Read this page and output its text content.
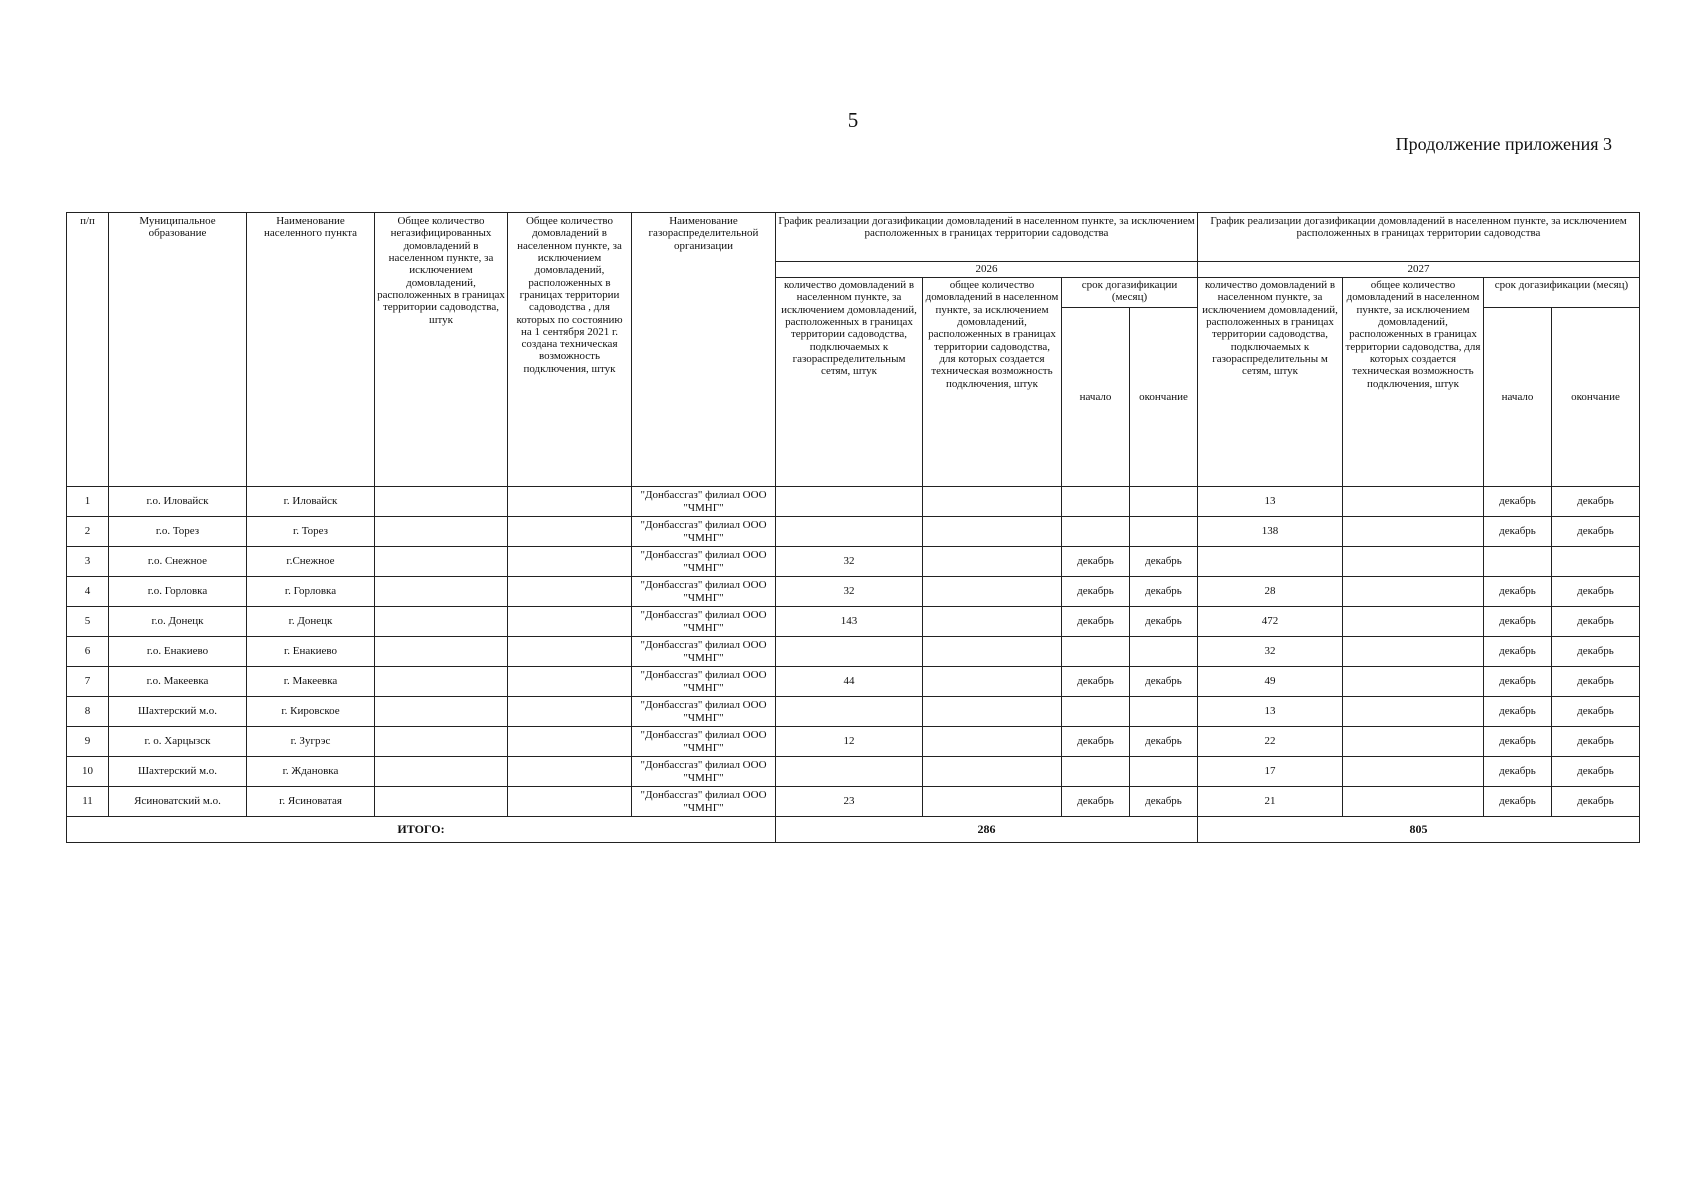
5
Продолжение приложения 3
п/п	Муниципальное образование	Наименование населенного пункта	Общее количество негазифицированных домовладений в населенном пункте, за исключением домовладений, расположенных в границах территории садоводства, штук	Общее количество домовладений в населенном пункте, за исключением домовладений, расположенных в границах территории садоводства , для которых по состоянию на 1 сентября 2021 г. создана техническая возможность подключения, штук	Наименование газораспределительной организации	График реализации догазификации домовладений в населенном пункте, за исключением расположенных в границах территории садоводства				График реализации догазификации домовладений в населенном пункте, за исключением расположенных в границах территории садоводства			
						2026				2027			
						количество домовладений в населенном пункте, за исключением домовладений, расположенных в границах территории садоводства, подключаемых к газораспределительным сетям, штук	общее количество домовладений в населенном пункте, за исключением домовладений, расположенных в границах территории садоводства, для которых создается техническая возможность подключения, штук	срок догазификации (месяц)		количество домовладений в населенном пункте, за исключением домовладений, расположенных в границах территории садоводства, подключаемых к газораспределительны м сетям, штук	общее количество домовладений в населенном пункте, за исключением домовладений, расположенных в границах территории садоводства, для которых создается техническая возможность подключения, штук	срок догазификации (месяц)	
								начало	окончание			начало	окончание
1	г.о. Иловайск	г. Иловайск			"Донбассгаз" филиал ООО "ЧМНГ"					13		декабрь	декабрь
2	г.о. Торез	г. Торез			"Донбассгаз" филиал ООО "ЧМНГ"					138		декабрь	декабрь
3	г.о. Снежное	г.Снежное			"Донбассгаз" филиал ООО "ЧМНГ"	32		декабрь	декабрь				
4	г.о. Горловка	г. Горловка			"Донбассгаз" филиал ООО "ЧМНГ"	32		декабрь	декабрь	28		декабрь	декабрь
5	г.о. Донецк	г. Донецк			"Донбассгаз" филиал ООО "ЧМНГ"	143		декабрь	декабрь	472		декабрь	декабрь
6	г.о. Енакиево	г. Енакиево			"Донбассгаз" филиал ООО "ЧМНГ"					32		декабрь	декабрь
7	г.о. Макеевка	г. Макеевка			"Донбассгаз" филиал ООО "ЧМНГ"	44		декабрь	декабрь	49		декабрь	декабрь
8	Шахтерский м.о.	г. Кировское			"Донбассгаз" филиал ООО "ЧМНГ"					13		декабрь	декабрь
9	г. о. Харцызск	г. Зугрэс			"Донбассгаз" филиал ООО "ЧМНГ"	12		декабрь	декабрь	22		декабрь	декабрь
10	Шахтерский м.о.	г. Ждановка			"Донбассгаз" филиал ООО "ЧМНГ"					17		декабрь	декабрь
11	Ясиноватский м.о.	г. Ясиноватая			"Донбассгаз" филиал ООО "ЧМНГ"	23		декабрь	декабрь	21		декабрь	декабрь
ИТОГО:						286				805			
